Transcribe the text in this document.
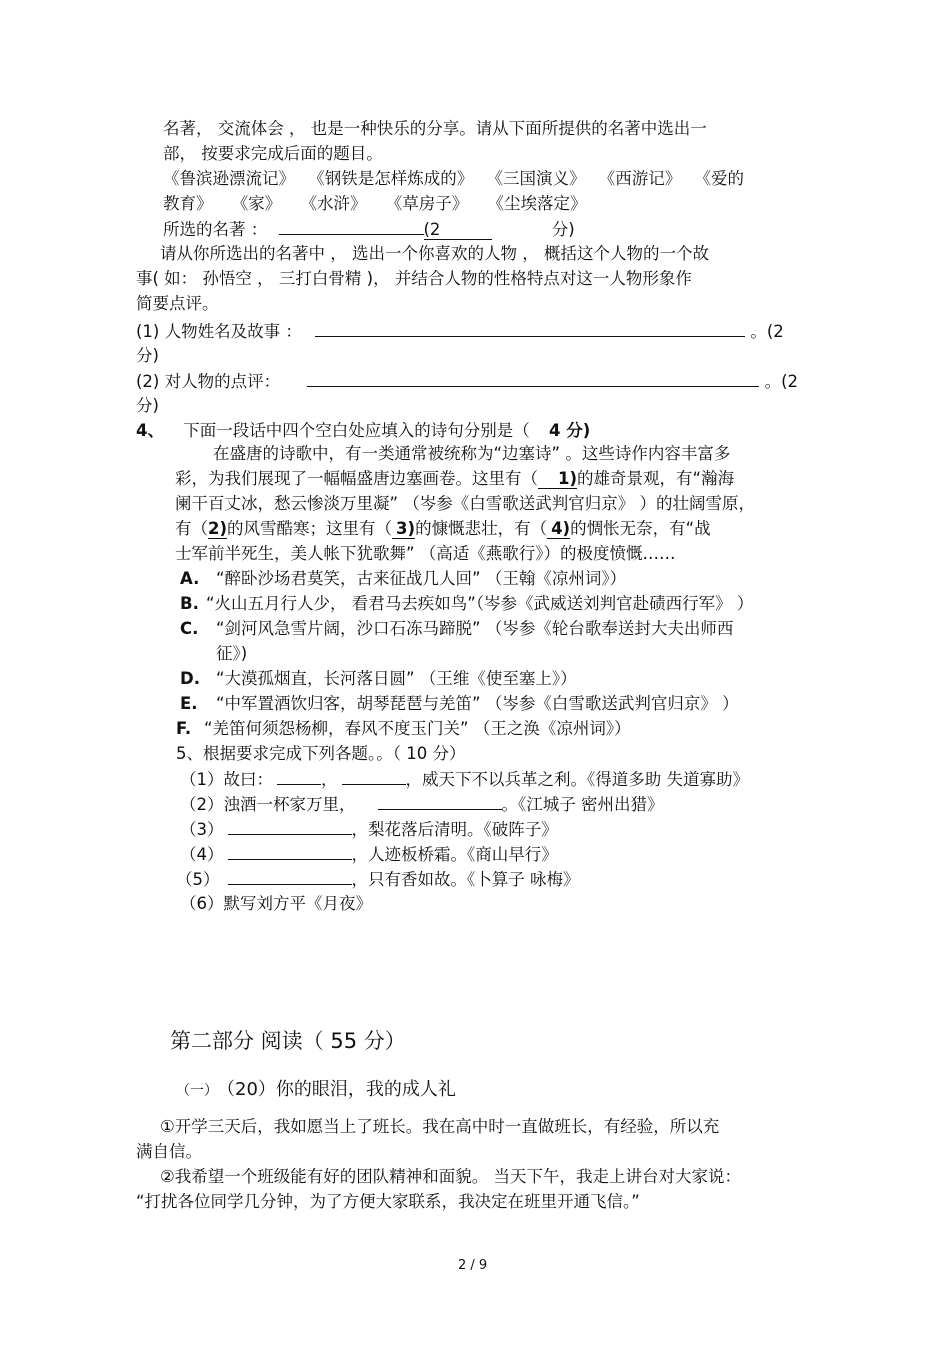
名著， 交流体会 ， 也是一种快乐的分享。请从下面所提供的名著中选出一
部， 按要求完成后面的题目。
《鲁滨逊漂流记》 《钢铁是怎样炼成的》 《三国演义》 《西游记》 《爱的
教育》 《家》 《水浒》 《草房子》 《尘埃落定》
所选的名著 ：	(2	分)
请从你所选出的名著中 ， 选出一个你喜欢的人物 ， 概括这个人物的一个故
事( 如： 孙悟空 ， 三打白骨精 )， 并结合人物的性格特点对这一人物形象作
简要点评。
(1) 人物姓名及故事 ：	。(2
分)
(2) 对人物的点评：	。(2
分)
4、 下面一段话中四个空白处应填入的诗句分别是（ 4 分)
在盛唐的诗歌中，有一类通常被统称为“边塞诗” 。这些诗作内容丰富多
彩，为我们展现了一幅幅盛唐边塞画卷。这里有（ 1)的雄奇景观，有“瀚海
阑干百丈冰，愁云惨淡万里凝” （岑参《白雪歌送武判官归京》 ）的壮阔雪原，
有（2)的风雪酷寒；这里有（ 3)的慷慨悲壮，有（ 4)的惆怅无奈，有“战
士军前半死生，美人帐下犹歌舞” （高适《燕歌行》）的极度愤慨……
A. “醉卧沙场君莫笑，古来征战几人回” （王翰《凉州词》）
B. “火山五月行人少， 看君马去疾如鸟”（岑参《武威送刘判官赴碛西行军》 ）
C. “剑河风急雪片阔，沙口石冻马蹄脱” （岑参《轮台歌奉送封大夫出师西
征》)
D. “大漠孤烟直，长河落日圆” （王维《使至塞上》）
E. “中军置酒饮归客，胡琴琵琶与羌笛” （岑参《白雪歌送武判官归京》 ）
F. “羌笛何须怨杨柳，春风不度玉门关” （王之涣《凉州词》）
5、根据要求完成下列各题。。（ 10 分）
（1）故曰：	，	，威天下不以兵革之利。《得道多助 失道寡助》
（2）浊酒一杯家万里，	。《江城子 密州出猎》
（3）	，梨花落后清明。《破阵子》
（4）	，人迹板桥霜。《商山早行》
（5）	，只有香如故。《卜算子 咏梅》
（6）默写刘方平《月夜》
第二部分 阅读（ 55 分）
（一） （20）你的眼泪，我的成人礼
①开学三天后，我如愿当上了班长。我在高中时一直做班长，有经验，所以充
满自信。
②我希望一个班级能有好的团队精神和面貌。 当天下午，我走上讲台对大家说：
“打扰各位同学几分钟，为了方便大家联系，我决定在班里开通飞信。”
2 / 9
